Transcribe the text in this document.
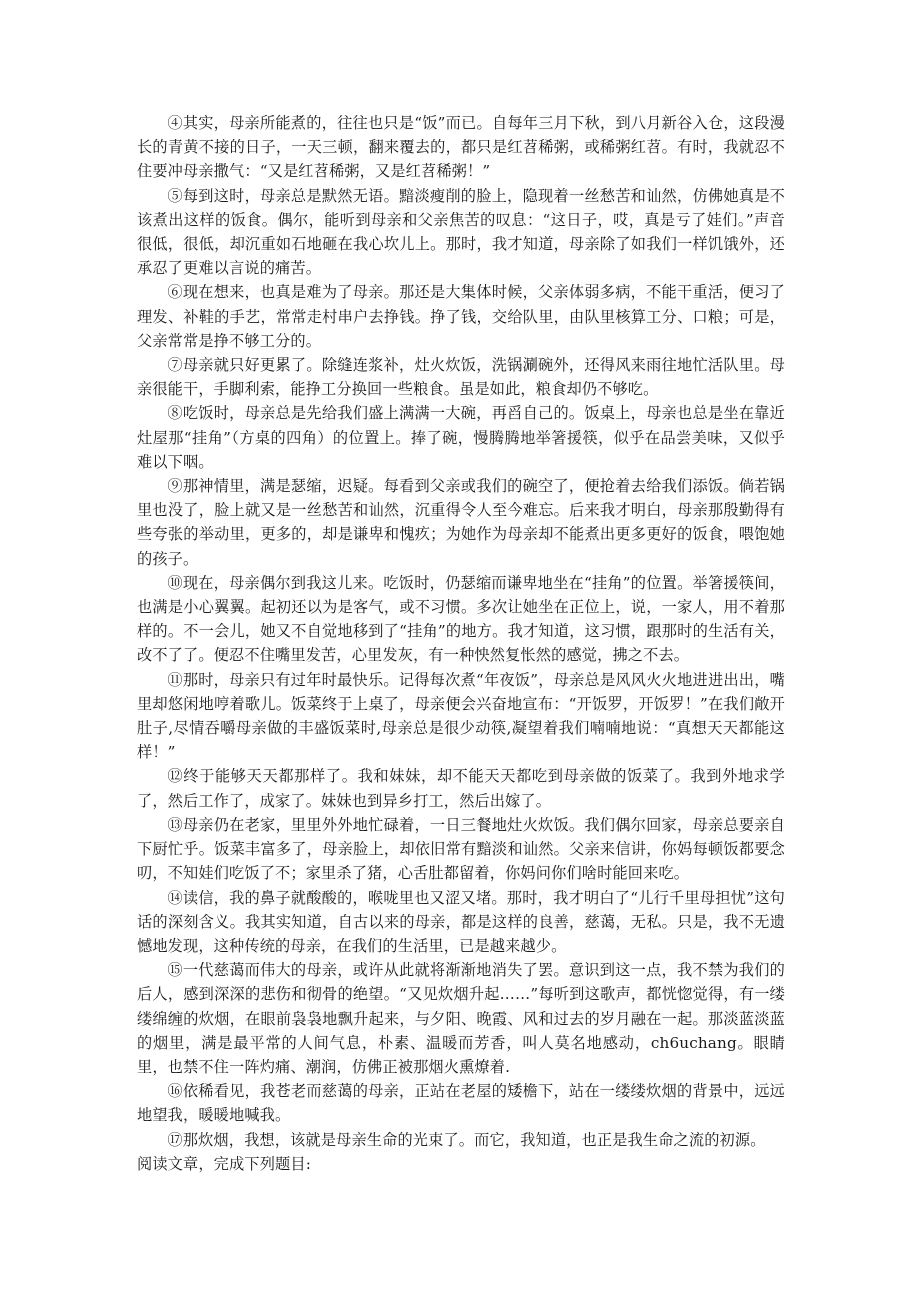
④其实，母亲所能煮的，往往也只是“饭”而已。自每年三月下秋，到八月新谷入仓，这段漫长的青黄不接的日子，一天三顿，翻来覆去的，都只是红苕稀粥，或稀粥红苕。有时，我就忍不住要冲母亲撒气：“又是红苕稀粥，又是红苕稀粥！”

⑤每到这时，母亲总是默然无语。黯淡瘦削的脸上，隐现着一丝愁苦和讪然，仿佛她真是不该煮出这样的饭食。偶尔，能听到母亲和父亲焦苦的叹息：“这日子，哎，真是亏了娃们。”声音很低，很低，却沉重如石地砸在我心坎儿上。那时，我才知道，母亲除了如我们一样饥饿外，还承忍了更难以言说的痛苦。

⑥现在想来，也真是难为了母亲。那还是大集体时候，父亲体弱多病，不能干重活，便习了理发、补鞋的手艺，常常走村串户去挣钱。挣了钱，交给队里，由队里核算工分、口粮；可是，父亲常常是挣不够工分的。

⑦母亲就只好更累了。除缝连浆补，灶火炊饭，洗锅涮碗外，还得风来雨往地忙活队里。母亲很能干，手脚利索，能挣工分换回一些粮食。虽是如此，粮食却仍不够吃。

⑧吃饭时，母亲总是先给我们盛上满满一大碗，再舀自己的。饭桌上，母亲也总是坐在靠近灶屋那“挂角”（方桌的四角）的位置上。捧了碗，慢腾腾地举箸援筷，似乎在品尝美味，又似乎难以下咽。

⑨那神情里，满是瑟缩，迟疑。每看到父亲或我们的碗空了，便抢着去给我们添饭。倘若锅里也没了，脸上就又是一丝愁苦和讪然，沉重得令人至今难忘。后来我才明白，母亲那殷勤得有些夸张的举动里，更多的，却是谦卑和愧疚；为她作为母亲却不能煮出更多更好的饭食，喂饱她的孩子。

⑩现在，母亲偶尔到我这儿来。吃饭时，仍瑟缩而谦卑地坐在“挂角”的位置。举箸援筷间，也满是小心翼翼。起初还以为是客气，或不习惯。多次让她坐在正位上，说，一家人，用不着那样的。不一会儿，她又不自觉地移到了“挂角”的地方。我才知道，这习惯，跟那时的生活有关，改不了了。便忍不住嘴里发苦，心里发灰，有一种怏然复怅然的感觉，拂之不去。

⑪那时，母亲只有过年时最快乐。记得每次煮“年夜饭”，母亲总是风风火火地进进出出，嘴里却悠闲地哼着歌儿。饭菜终于上桌了，母亲便会兴奋地宣布：“开饭罗，开饭罗！”在我们敞开肚子,尽情吞嚼母亲做的丰盛饭菜时,母亲总是很少动筷,凝望着我们喃喃地说：“真想天天都能这样！”

⑫终于能够天天都那样了。我和妹妹，却不能天天都吃到母亲做的饭菜了。我到外地求学了，然后工作了，成家了。妹妹也到异乡打工，然后出嫁了。

⑬母亲仍在老家，里里外外地忙碌着，一日三餐地灶火炊饭。我们偶尔回家，母亲总要亲自下厨忙乎。饭菜丰富多了，母亲脸上，却依旧常有黯淡和讪然。父亲来信讲，你妈每顿饭都要念叨，不知娃们吃饭了不；家里杀了猪，心舌肚都留着，你妈问你们啥时能回来吃。

⑭读信，我的鼻子就酸酸的，喉咙里也又涩又堵。那时，我才明白了“儿行千里母担忧”这句话的深刻含义。我其实知道，自古以来的母亲，都是这样的良善，慈蔼，无私。只是，我不无遗憾地发现，这种传统的母亲，在我们的生活里，已是越来越少。

⑮一代慈蔼而伟大的母亲，或许从此就将渐渐地消失了罢。意识到这一点，我不禁为我们的后人，感到深深的悲伤和彻骨的绝望。“又见炊烟升起……”每听到这歌声，都恍惚觉得，有一缕缕绵缠的炊烟，在眼前袅袅地飘升起来，与夕阳、晚霞、风和过去的岁月融在一起。那淡蓝淡蓝的烟里，满是最平常的人间气息，朴素、温暖而芳香，叫人莫名地感动，ch6uchang。眼睛里，也禁不住一阵灼痛、潮润，仿佛正被那烟火熏燎着.

⑯依稀看见，我苍老而慈蔼的母亲，正站在老屋的矮檐下，站在一缕缕炊烟的背景中，远远地望我，暖暖地喊我。

⑰那炊烟，我想，该就是母亲生命的光束了。而它，我知道，也正是我生命之流的初源。

阅读文章，完成下列题目:
